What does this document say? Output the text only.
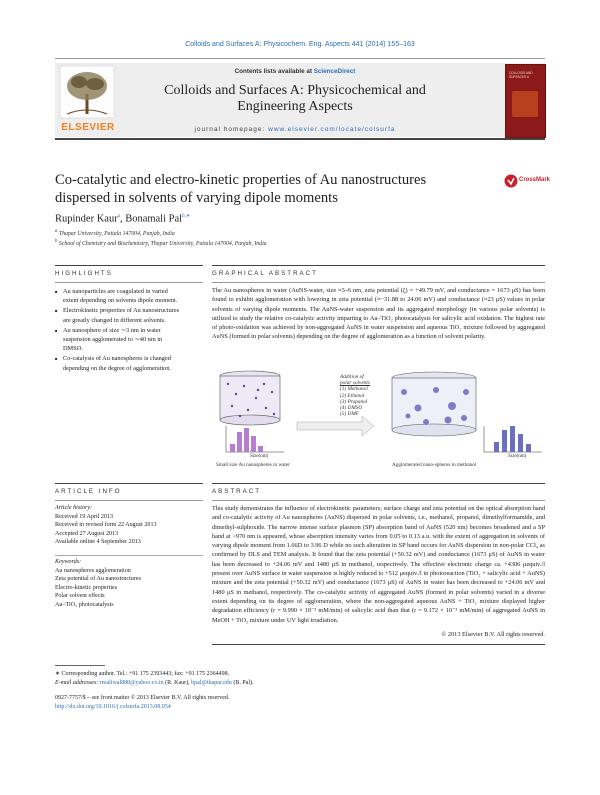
Colloids and Surfaces A: Physicochem. Eng. Aspects 441 (2014) 155–163
ELSEVIER
Contents lists available at ScienceDirect
Colloids and Surfaces A: Physicochemical and
Engineering Aspects
journal homepage: www.elsevier.com/locate/colsurfa
COLLOIDS AND SURFACES A
Co-catalytic and electro-kinetic properties of Au nanostructures
dispersed in solvents of varying dipole moments
CrossMark
Rupinder Kaur$^a$, Bonamali Pal$^{b,∗}$
$^a$ Thapar University, Patiala 147004, Punjab, India
$^b$ School of Chemistry and Biochemistry, Thapar University, Patiala 147004, Punjab, India
HIGHLIGHTS
■ Au nanoparticles are coagulated in varied extent depending on solvents dipole moment.
■ Electrokinetic properties of Au nanostructures are greatly changed in different solvents.
■ Au nanosphere of size ∼3 nm in water suspension agglomerated to ∼40 nm in DMSO.
■ Co-catalysis of Au nanospheres is changed depending on the degree of agglomeration.
GRAPHICAL ABSTRACT
The Au nanospheres in water (AuNS-water, size ≈3–6 nm, zeta potential (ζ) = +49.79 mV, and conductance = 1673 μS) has been found to exhibit agglomeration with lowering in zeta potential (≈−31.88 to 24.06 mV) and conductance (≈23 μS) values in polar solvents of varying dipole moments. The AuNS-water suspension and its aggregated morphology (in various polar solvents) is utilized to study the relative co-catalytic activity imparting to Au–TiO₂ photocatalysis for salicylic acid oxidation. The highest rate of photo-oxidation was achieved by non-aggregated AuNS in water suspension and aqueous TiO₂ mixture followed by aggregated AuNS (formed in polar solvents) depending on the degree of agglomeration as a function of solvent polarity.
Size(nm)
Small size Au nanospheres in water
Addition of
polar solvents
(1) Methanol
(2) Ethanol
(3) Propanol
(4) DMSO
(5) DMF
Size(nm)
Agglomerated nano-spheres in methanol
ARTICLE INFO
Article history:
Received 19 April 2013
Received in revised form 22 August 2013
Accepted 27 August 2013
Available online 4 September 2013
Keywords:
Au nanospheres agglomeration
Zeta potential of Au nanostructures
Electro-kinetic properties
Polar solvent effects
Au–TiO₂ photocatalysis
ABSTRACT
This study demonstrates the influence of electrokinetic parameters; surface charge and zeta potential on the optical absorption band and co-catalytic activity of Au nanospheres (AuNS) dispersed in polar solvents, i.e., methanol, propanol, dimethylformamide, and dimethyl-sulphoxide. The narrow intense surface plasmon (SP) absorption band of AuNS (520 nm) becomes broadened and a SP band at >970 nm is appeared, whose absorption intensity varies from 0.05 to 0.13 a.u. with the extent of aggregation in solvents of varying dipole moment from 1.66D to 3.96 D while no such alteration in SP band occurs for AuNS dispersion in non-polar CCl₄ as confirmed by DLS and TEM analysis. It found that the zeta potential (+50.32 mV) and conductance (1673 μS) of AuNS in water has been decreased to +24.06 mV and 1480 μS in methanol, respectively. The effective electronic charge ca. +4306 μequiv./l present over AuNS surface in water suspension is highly reduced to +512 μequiv./l in photoreaction (TiO₂ + salicylic acid + AuNS) mixture and the zeta potential (+50.32 mV) and conductance (1673 μS) of AuNS in water has been decreased to +24.06 mV and 1480 μS in methanol, respectively. The co-catalytic activity of aggregated AuNS (formed in polar solvents) varied in a diverse extent depending on its degree of agglomeration, where the non-aggregated aqueous AuNS + TiO₂ mixture displayed higher degradation efficiency (r = 9.990 × 10⁻³ mM/min) of salicylic acid than that (r = 9.172 × 10⁻³ mM/min) of aggregated AuNS in MeOH + TiO₂ mixture under UV light irradiation.
© 2013 Elsevier B.V. All rights reserved.
∗ Corresponding author. Tel.: +91 175 2393443; fax: +91 175 2364498.
E-mail addresses: rmaliwal880@yahoo.co.in (R. Kaur), bpal@thapar.edu (B. Pal).
0927-7757/$ – see front matter © 2013 Elsevier B.V. All rights reserved.
http://dx.doi.org/10.1016/j.colsurfa.2013.08.054
